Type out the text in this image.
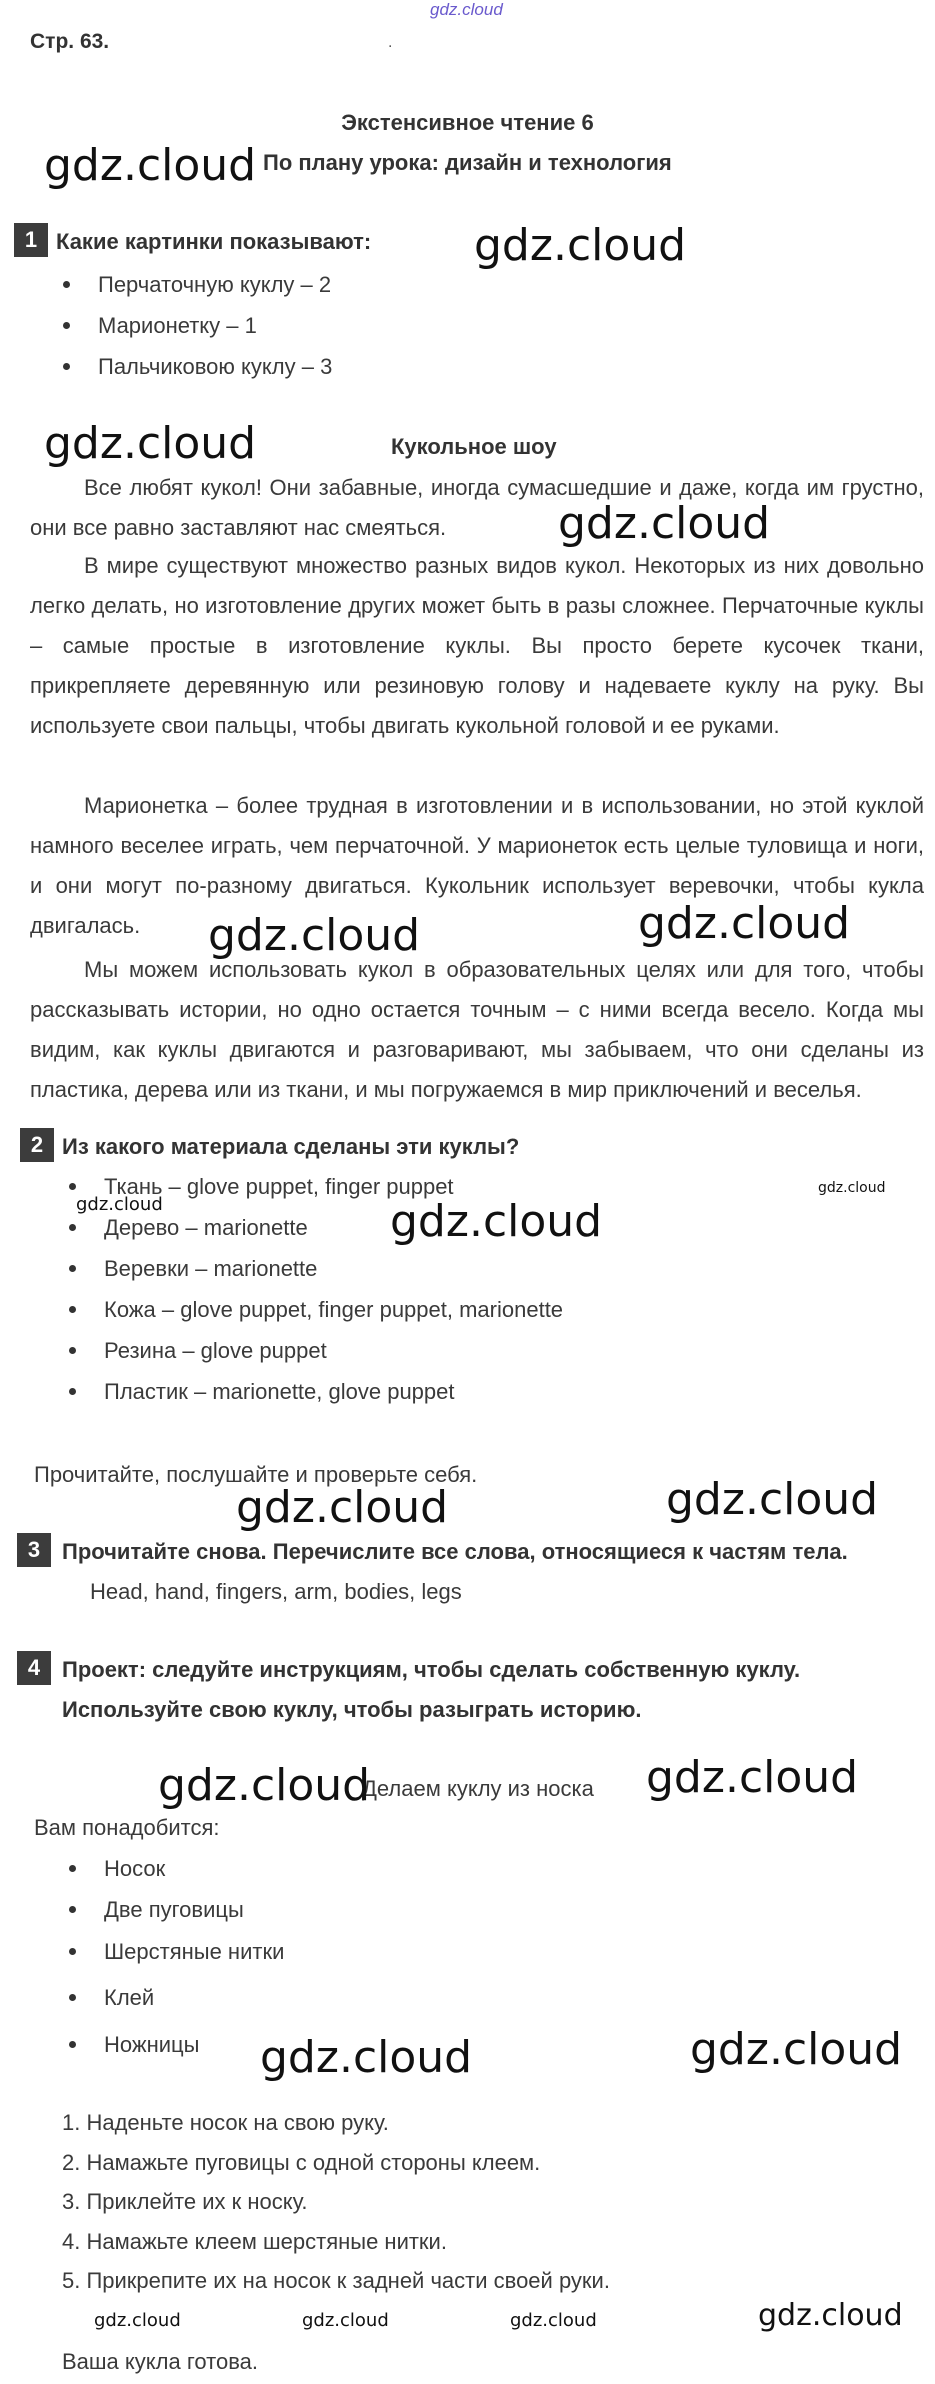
gdz.cloud
Стр. 63.	.
Экстенсивное чтение 6
По плану урока: дизайн и технология
1 Какие картинки показывают:
Перчаточную куклу – 2
Марионетку – 1
Пальчиковою куклу – 3
Кукольное шоу

Все любят кукол! Они забавные, иногда сумасшедшие и даже, когда им грустно, они все равно заставляют нас смеяться.

В мире существуют множество разных видов кукол. Некоторых из них довольно легко делать, но изготовление других может быть в разы сложнее. Перчаточные куклы – самые простые в изготовление куклы. Вы просто берете кусочек ткани, прикрепляете деревянную или резиновую голову и надеваете куклу на руку. Вы используете свои пальцы, чтобы двигать кукольной головой и ее руками.

Марионетка – более трудная в изготовлении и в использовании, но этой куклой намного веселее играть, чем перчаточной. У марионеток есть целые туловища и ноги, и они могут по-разному двигаться. Кукольник использует веревочки, чтобы кукла двигалась.

Мы можем использовать кукол в образовательных целях или для того, чтобы рассказывать истории, но одно остается точным – с ними всегда весело. Когда мы видим, как куклы двигаются и разговаривают, мы забываем, что они сделаны из пластика, дерева или из ткани, и мы погружаемся в мир приключений и веселья.

2 Из какого материала сделаны эти куклы?
Ткань – glove puppet, finger puppet
Дерево – marionette
Веревки – marionette
Кожа – glove puppet, finger puppet, marionette
Резина – glove puppet
Пластик – marionette, glove puppet
Прочитайте, послушайте и проверьте себя.
3 Прочитайте снова. Перечислите все слова, относящиеся к частям тела.
Head, hand, fingers, arm, bodies, legs
4 Проект: следуйте инструкциям, чтобы сделать собственную куклу.
Используйте свою куклу, чтобы разыграть историю.
Делаем куклу из носка
Вам понадобится:
Носок
Две пуговицы
Шерстяные нитки
Клей
Ножницы
1. Наденьте носок на свою руку.
2. Намажьте пуговицы с одной стороны клеем.
3. Приклейте их к носку.
4. Намажьте клеем шерстяные нитки.
5. Прикрепите их на носок к задней части своей руки.
Ваша кукла готова.
gdz.cloud
gdz.cloud
gdz.cloud
gdz.cloud
gdz.cloud	gdz.cloud
gdz.cloud
gdz.cloud
gdz.cloud
gdz.cloud	gdz.cloud
gdz.cloud	gdz.cloud
gdz.cloud	gdz.cloud
gdz.cloud	gdz.cloud	gdz.cloud	gdz.cloud
